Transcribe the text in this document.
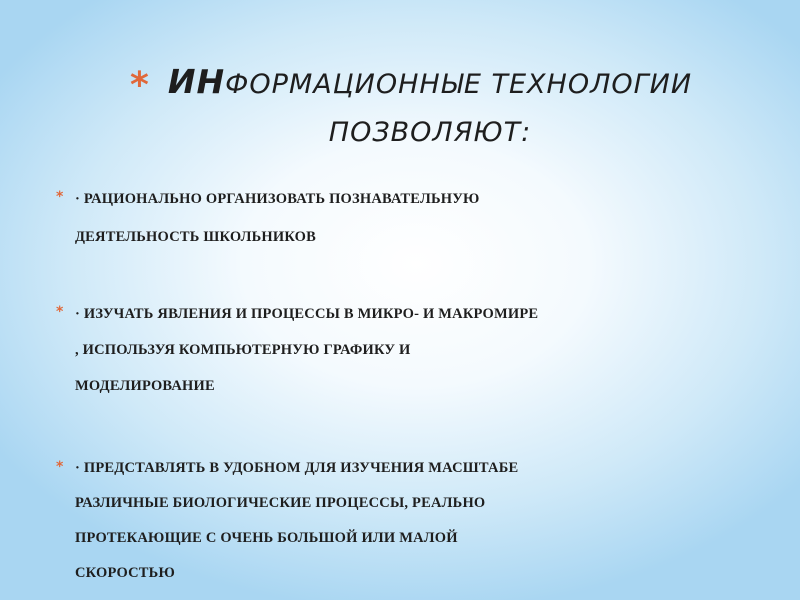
* ИНФОРМАЦИОННЫЕ ТЕХНОЛОГИИ
ПОЗВОЛЯЮТ:
* · РАЦИОНАЛЬНО ОРГАНИЗОВАТЬ ПОЗНАВАТЕЛЬНУЮ
ДЕЯТЕЛЬНОСТЬ ШКОЛЬНИКОВ
* · ИЗУЧАТЬ ЯВЛЕНИЯ И ПРОЦЕССЫ В МИКРО- И МАКРОМИРЕ
, ИСПОЛЬЗУЯ КОМПЬЮТЕРНУЮ ГРАФИКУ И
МОДЕЛИРОВАНИЕ
* · ПРЕДСТАВЛЯТЬ В УДОБНОМ ДЛЯ ИЗУЧЕНИЯ МАСШТАБЕ
РАЗЛИЧНЫЕ БИОЛОГИЧЕСКИЕ ПРОЦЕССЫ, РЕАЛЬНО
ПРОТЕКАЮЩИЕ С ОЧЕНЬ БОЛЬШОЙ ИЛИ МАЛОЙ
СКОРОСТЬЮ
